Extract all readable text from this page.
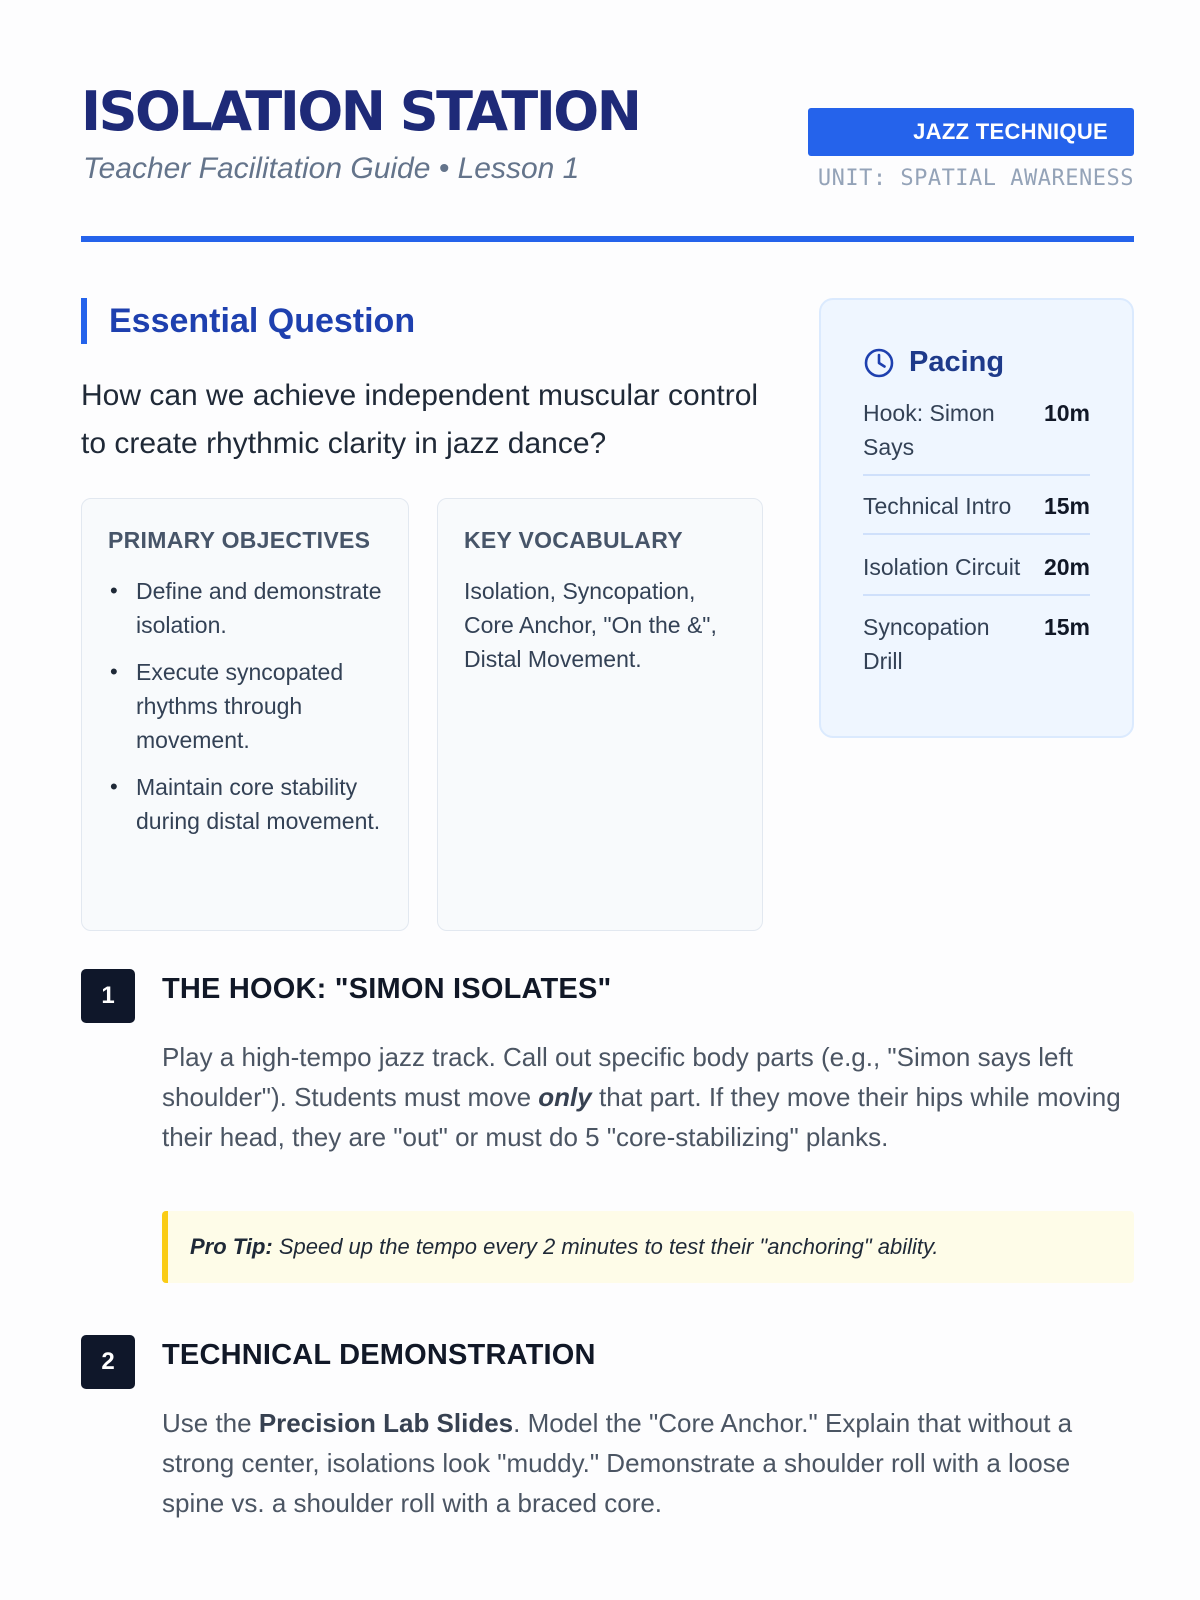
ISOLATION STATION
Teacher Facilitation Guide • Lesson 1
JAZZ TECHNIQUE
UNIT: SPATIAL AWARENESS
Essential Question
How can we achieve independent muscular control to create rhythmic clarity in jazz dance?
PRIMARY OBJECTIVES
• Define and demonstrate isolation.
• Execute syncopated rhythms through movement.
• Maintain core stability during distal movement.
KEY VOCABULARY
Isolation, Syncopation, Core Anchor, "On the &", Distal Movement.
Pacing
Hook: Simon Says
10m
Technical Intro 15m
Isolation Circuit 20m
Syncopation Drill
15m
1	THE HOOK: "SIMON ISOLATES"
Play a high-tempo jazz track. Call out specific body parts (e.g., "Simon says left shoulder"). Students must move only that part. If they move their hips while moving their head, they are "out" or must do 5 "core-stabilizing" planks.
Pro Tip: Speed up the tempo every 2 minutes to test their "anchoring" ability.
2	TECHNICAL DEMONSTRATION
Use the Precision Lab Slides. Model the "Core Anchor." Explain that without a strong center, isolations look "muddy." Demonstrate a shoulder roll with a loose spine vs. a shoulder roll with a braced core.
